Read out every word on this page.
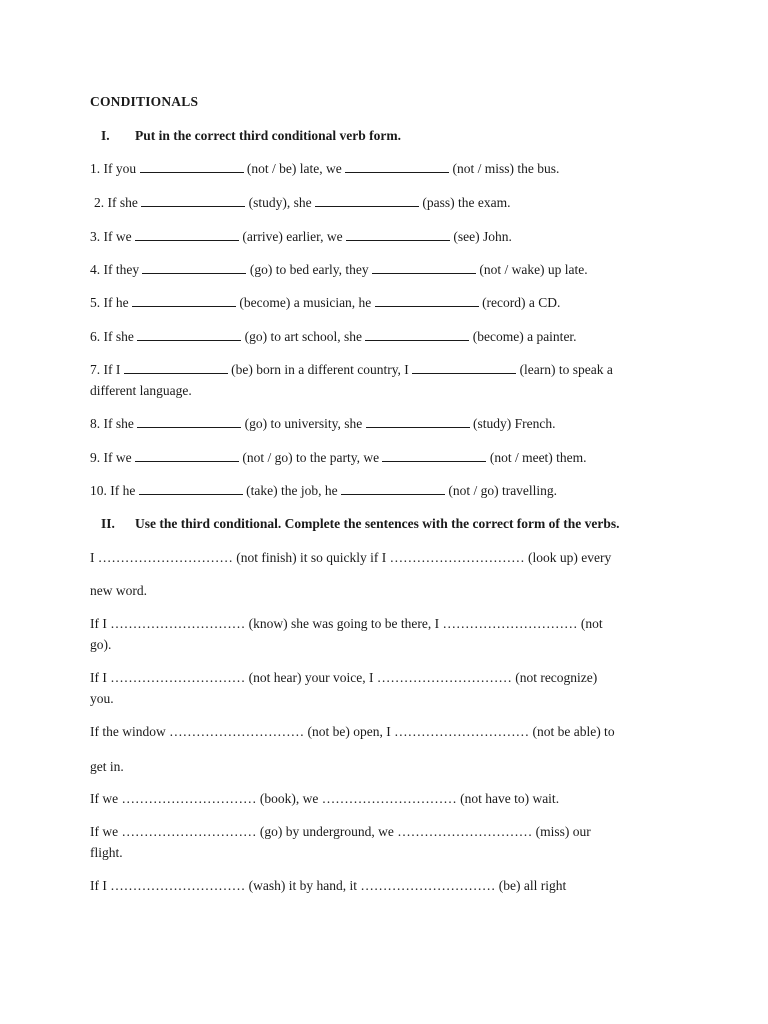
CONDITIONALS
I. Put in the correct third conditional verb form.
1. If you	(not / be) late, we	(not / miss) the bus.
2. If she	(study), she	(pass) the exam.
3. If we	(arrive) earlier, we	(see) John.
4. If they	(go) to bed early, they	(not / wake) up late.
5. If he	(become) a musician, he	(record) a CD.
6. If she	(go) to art school, she	(become) a painter.
7. If I	(be) born in a different country, I	(learn) to speak a
different language.
8. If she	(go) to university, she	(study) French.
9. If we	(not / go) to the party, we	(not / meet) them.
10. If he	(take) the job, he	(not / go) travelling.
II. Use the third conditional. Complete the sentences with the correct form of the verbs.
I ………………………… (not finish) it so quickly if I ………………………… (look up) every
new word.
If I ………………………… (know) she was going to be there, I ………………………… (not
go).
If I ………………………… (not hear) your voice, I ………………………… (not recognize)
you.
If the window ………………………… (not be) open, I ………………………… (not be able) to
get in.
If we ………………………… (book), we ………………………… (not have to) wait.
If we ………………………… (go) by underground, we ………………………… (miss) our
flight.
If I ………………………… (wash) it by hand, it ………………………… (be) all right
